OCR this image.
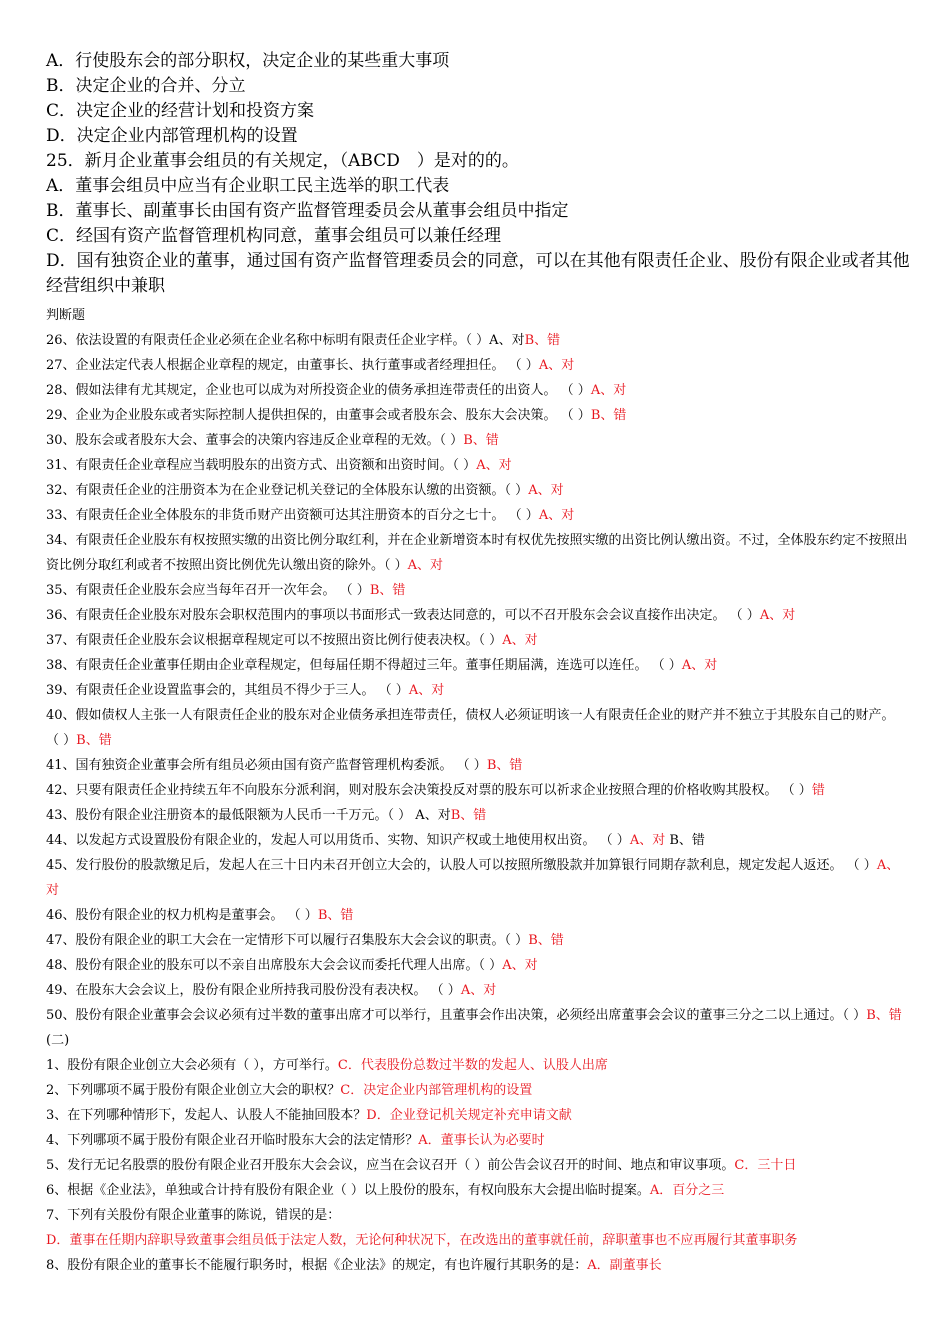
A．行使股东会的部分职权，决定企业的某些重大事项
B．决定企业的合并、分立
C．决定企业的经营计划和投资方案
D．决定企业内部管理机构的设置
25．新月企业董事会组员的有关规定，（ABCD　）是对的的。
A．董事会组员中应当有企业职工民主选举的职工代表
B．董事长、副董事长由国有资产监督管理委员会从董事会组员中指定
C．经国有资产监督管理机构同意，董事会组员可以兼任经理
D．国有独资企业的董事，通过国有资产监督管理委员会的同意，可以在其他有限责任企业、股份有限企业或者其他经营组织中兼职
判断题
26、依法设置的有限责任企业必须在企业名称中标明有限责任企业字样。（ ）A、对B、错
27、企业法定代表人根据企业章程的规定，由董事长、执行董事或者经理担任。 （ ）A、对
28、假如法律有尤其规定，企业也可以成为对所投资企业的债务承担连带责任的出资人。 （ ）A、对
29、企业为企业股东或者实际控制人提供担保的，由董事会或者股东会、股东大会决策。 （ ）B、错
30、股东会或者股东大会、董事会的决策内容违反企业章程的无效。（ ）B、错
31、有限责任企业章程应当载明股东的出资方式、出资额和出资时间。（ ）A、对
32、有限责任企业的注册资本为在企业登记机关登记的全体股东认缴的出资额。（ ）A、对
33、有限责任企业全体股东的非货币财产出资额可达其注册资本的百分之七十。 （ ）A、对
34、有限责任企业股东有权按照实缴的出资比例分取红利，并在企业新增资本时有权优先按照实缴的出资比例认缴出资。不过，全体股东约定不按照出资比例分取红利或者不按照出资比例优先认缴出资的除外。（ ）A、对
35、有限责任企业股东会应当每年召开一次年会。 （ ）B、错
36、有限责任企业股东对股东会职权范围内的事项以书面形式一致表达同意的，可以不召开股东会会议直接作出决定。 （ ）A、对
37、有限责任企业股东会议根据章程规定可以不按照出资比例行使表决权。（ ）A、对
38、有限责任企业董事任期由企业章程规定，但每届任期不得超过三年。董事任期届满，连选可以连任。 （ ）A、对
39、有限责任企业设置监事会的，其组员不得少于三人。 （ ）A、对
40、假如债权人主张一人有限责任企业的股东对企业债务承担连带责任，债权人必须证明该一人有限责任企业的财产并不独立于其股东自己的财产。 （ ）B、错
41、国有独资企业董事会所有组员必须由国有资产监督管理机构委派。 （ ）B、错
42、只要有限责任企业持续五年不向股东分派利润，则对股东会决策投反对票的股东可以祈求企业按照合理的价格收购其股权。 （ ）错
43、股份有限企业注册资本的最低限额为人民币一千万元。（ ） A、对B、错
44、以发起方式设置股份有限企业的，发起人可以用货币、实物、知识产权或土地使用权出资。 （ ）A、对 B、错
45、发行股份的股款缴足后，发起人在三十日内未召开创立大会的，认股人可以按照所缴股款并加算银行同期存款利息，规定发起人返还。 （ ）A、对
46、股份有限企业的权力机构是董事会。 （ ）B、错
47、股份有限企业的职工大会在一定情形下可以履行召集股东大会会议的职责。（ ）B、错
48、股份有限企业的股东可以不亲自出席股东大会会议而委托代理人出席。（ ）A、对
49、在股东大会会议上，股份有限企业所持我司股份没有表决权。 （ ）A、对
50、股份有限企业董事会会议必须有过半数的董事出席才可以举行，且董事会作出决策，必须经出席董事会会议的董事三分之二以上通过。（ ）B、错
(二)
1、股份有限企业创立大会必须有（ ），方可举行。C．代表股份总数过半数的发起人、认股人出席
2、下列哪项不属于股份有限企业创立大会的职权？C．决定企业内部管理机构的设置
3、在下列哪种情形下，发起人、认股人不能抽回股本？D．企业登记机关规定补充申请文献
4、下列哪项不属于股份有限企业召开临时股东大会的法定情形？A．董事长认为必要时
5、发行无记名股票的股份有限企业召开股东大会会议，应当在会议召开（ ）前公告会议召开的时间、地点和审议事项。C．三十日
6、根据《企业法》，单独或合计持有股份有限企业（ ）以上股份的股东，有权向股东大会提出临时提案。A．百分之三
7、下列有关股份有限企业董事的陈说，错误的是：
D．董事在任期内辞职导致董事会组员低于法定人数，无论何种状况下，在改选出的董事就任前，辞职董事也不应再履行其董事职务
8、股份有限企业的董事长不能履行职务时，根据《企业法》的规定，有也许履行其职务的是：A．副董事长
